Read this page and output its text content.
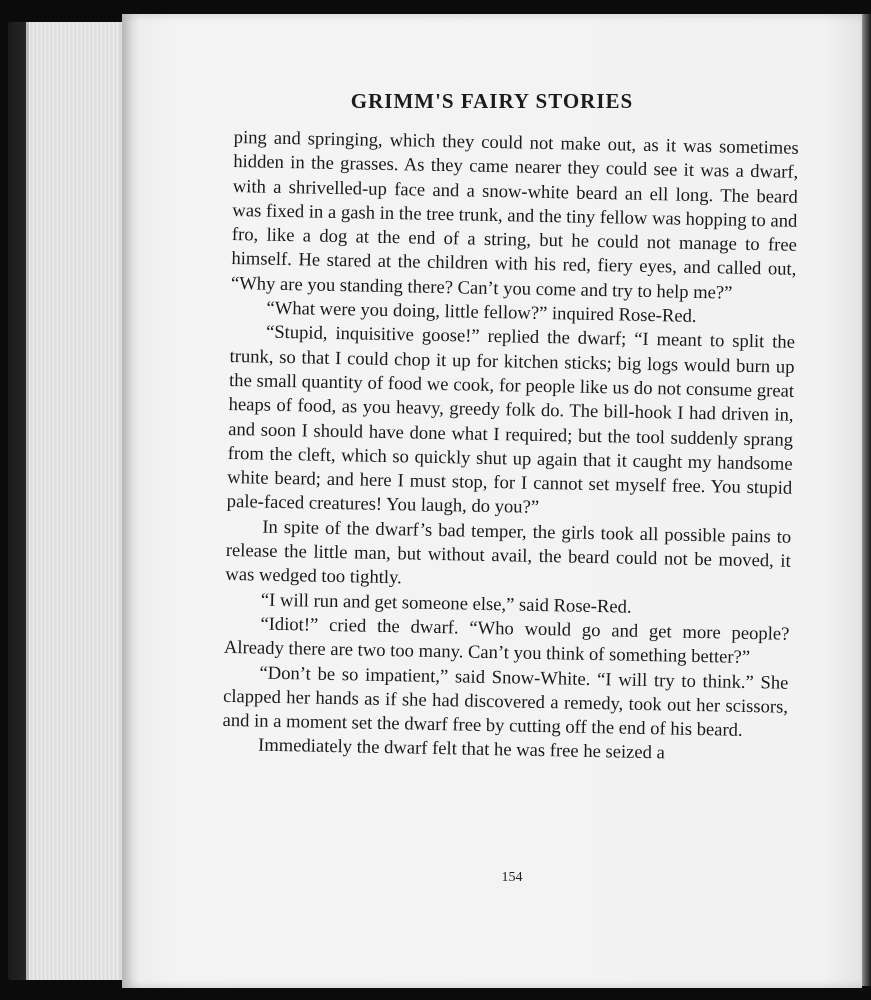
GRIMM'S FAIRY STORIES

ping and springing, which they could not make out, as it was sometimes hidden in the grasses. As they came nearer they could see it was a dwarf, with a shrivelled-up face and a snow-white beard an ell long. The beard was fixed in a gash in the tree trunk, and the tiny fellow was hopping to and fro, like a dog at the end of a string, but he could not manage to free himself. He stared at the children with his red, fiery eyes, and called out, “Why are you standing there? Can’t you come and try to help me?”

“What were you doing, little fellow?” inquired Rose-Red.

“Stupid, inquisitive goose!” replied the dwarf; “I meant to split the trunk, so that I could chop it up for kitchen sticks; big logs would burn up the small quantity of food we cook, for people like us do not consume great heaps of food, as you heavy, greedy folk do. The bill-hook I had driven in, and soon I should have done what I required; but the tool suddenly sprang from the cleft, which so quickly shut up again that it caught my handsome white beard; and here I must stop, for I cannot set myself free. You stupid pale-faced creatures! You laugh, do you?”

In spite of the dwarf’s bad temper, the girls took all possible pains to release the little man, but without avail, the beard could not be moved, it was wedged too tightly.

“I will run and get someone else,” said Rose-Red.

“Idiot!” cried the dwarf. “Who would go and get more people? Already there are two too many. Can’t you think of something better?”

“Don’t be so impatient,” said Snow-White. “I will try to think.” She clapped her hands as if she had discovered a remedy, took out her scissors, and in a moment set the dwarf free by cutting off the end of his beard.

Immediately the dwarf felt that he was free he seized a

154
